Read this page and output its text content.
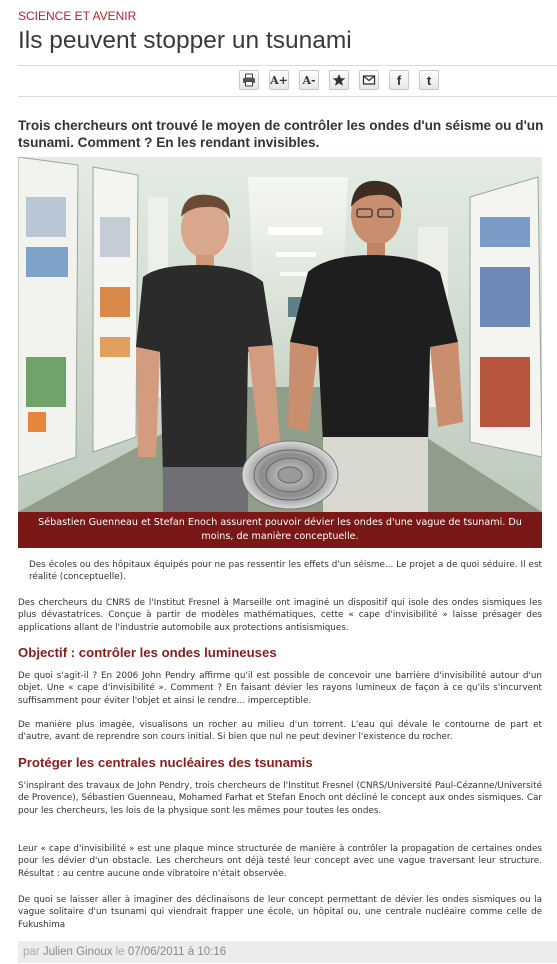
SCIENCE ET AVENIR
Ils peuvent stopper un tsunami
A+ A-	f t

Trois chercheurs ont trouvé le moyen de contrôler les ondes d'un séisme ou d'un tsunami. Comment ? En les rendant invisibles.

Sébastien Guenneau et Stefan Enoch assurent pouvoir dévier les ondes d'une vague de tsunami. Du moins, de manière conceptuelle.

Des écoles ou des hôpitaux équipés pour ne pas ressentir les effets d'un séisme... Le projet a de quoi séduire. Il est réalité (conceptuelle).

Des chercheurs du CNRS de l'Institut Fresnel à Marseille ont imaginé un dispositif qui isole des ondes sismiques les plus dévastatrices. Conçue à partir de modèles mathématiques, cette « cape d'invisibilité » laisse présager des applications allant de l'industrie automobile aux protections antisismiques.

Objectif : contrôler les ondes lumineuses

De quoi s'agit-il ? En 2006 John Pendry affirme qu'il est possible de concevoir une barrière d'invisibilité autour d'un objet. Une « cape d'invisibilité ». Comment ? En faisant dévier les rayons lumineux de façon à ce qu'ils s'incurvent suffisamment pour éviter l'objet et ainsi le rendre... imperceptible.

De manière plus imagée, visualisons un rocher au milieu d'un torrent. L'eau qui dévale le contourne de part et d'autre, avant de reprendre son cours initial. Si bien que nul ne peut deviner l'existence du rocher.

Protéger les centrales nucléaires des tsunamis

S'inspirant des travaux de John Pendry, trois chercheurs de l'Institut Fresnel (CNRS/Université Paul-Cézanne/Université de Provence), Sébastien Guenneau, Mohamed Farhat et Stefan Enoch ont décliné le concept aux ondes sismiques. Car pour les chercheurs, les lois de la physique sont les mêmes pour toutes les ondes.

Leur « cape d'invisibilité » est une plaque mince structurée de manière à contrôler la propagation de certaines ondes pour les dévier d'un obstacle. Les chercheurs ont déjà testé leur concept avec une vague traversant leur structure. Résultat : au centre aucune onde vibratoire n'était observée.

De quoi se laisser aller à imaginer des déclinaisons de leur concept permettant de dévier les ondes sismiques ou la vague solitaire d'un tsunami qui viendrait frapper une école, un hôpital ou, une centrale nucléaire comme celle de Fukushima

par Julien Ginoux le 07/06/2011 à 10:16
